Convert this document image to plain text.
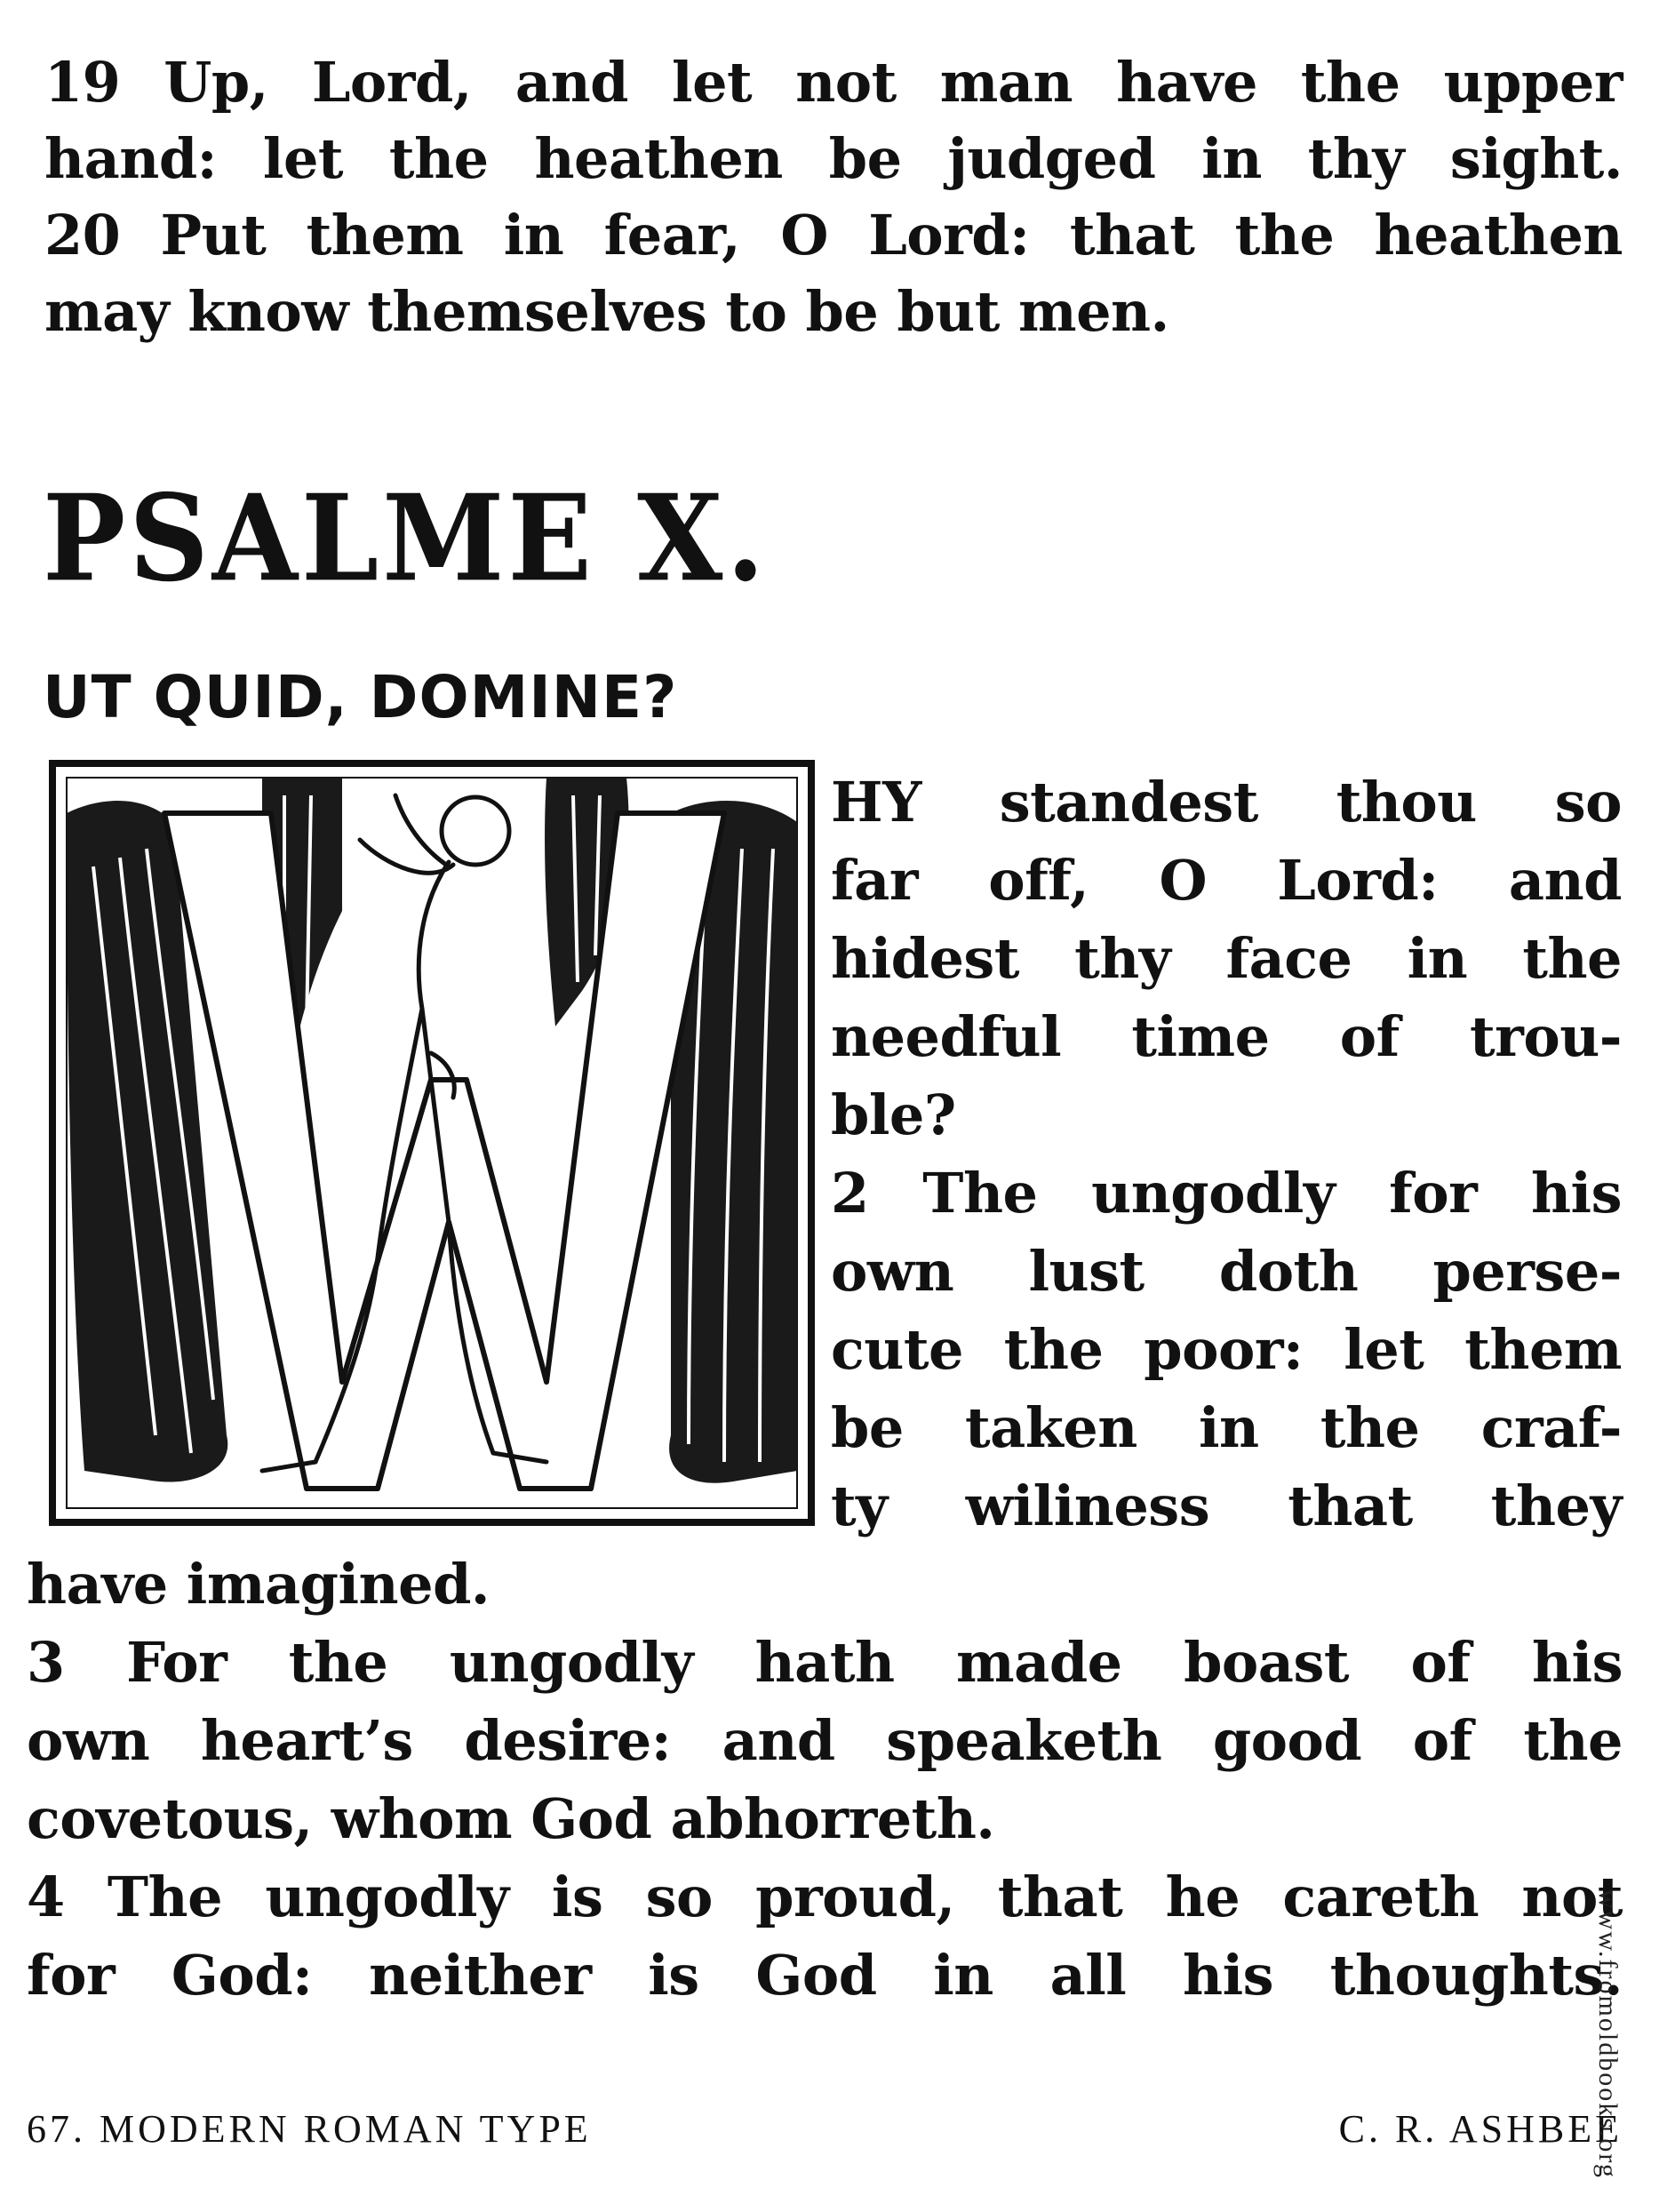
19 Up, Lord, and let not man have the upper
hand: let the heathen be judged in thy sight.
20 Put them in fear, O Lord: that the heathen
may know themselves to be but men.
PSALME X.
UT QUID, DOMINE?
HY standest thou so
far off, O Lord: and
hidest thy face in the
needful time of trou-
ble?
2 The ungodly for his
own lust doth perse-
cute the poor: let them
be taken in the craf-
ty wiliness that they
have imagined.
3 For the ungodly hath made boast of his
own heart’s desire: and speaketh good of the
covetous, whom God abhorreth.
4 The ungodly is so proud, that he careth not
for God: neither is God in all his thoughts.
67. MODERN ROMAN TYPE	C. R. ASHBEE
www.fromoldbooks.org
